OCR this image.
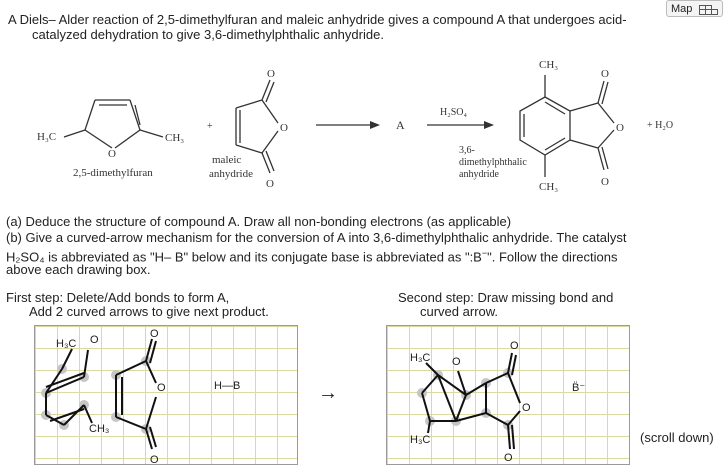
A Diels– Alder reaction of 2,5-dimethylfuran and maleic anhydride gives a compound A that undergoes acid-
catalyzed dehydration to give 3,6-dimethylphthalic anhydride.
Map
O
H₃C	CH₃
2,5-dimethylfuran
+
O
O
O
maleic
anhydride
A
H₂SO₄
CH₃
CH₃
O
O
O
3,6-
dimethylphthalic
anhydride
+ H₂O
(a) Deduce the structure of compound A. Draw all non-bonding electrons (as applicable)
(b) Give a curved-arrow mechanism for the conversion of A into 3,6-dimethylphthalic anhydride. The catalyst
H₂SO₄ is abbreviated as "H– B" below and its conjugate base is abbreviated as ":B−". Follow the directions
above each drawing box.
First step: Delete/Add bonds to form A,
Add 2 curved arrows to give next product.
Second step: Draw missing bond and
curved arrow.
H₃C O
CH₃
O
O
O
H—B	→
H₃C
H₃C
O
O
O
O
B̈⁻
(scroll down)
